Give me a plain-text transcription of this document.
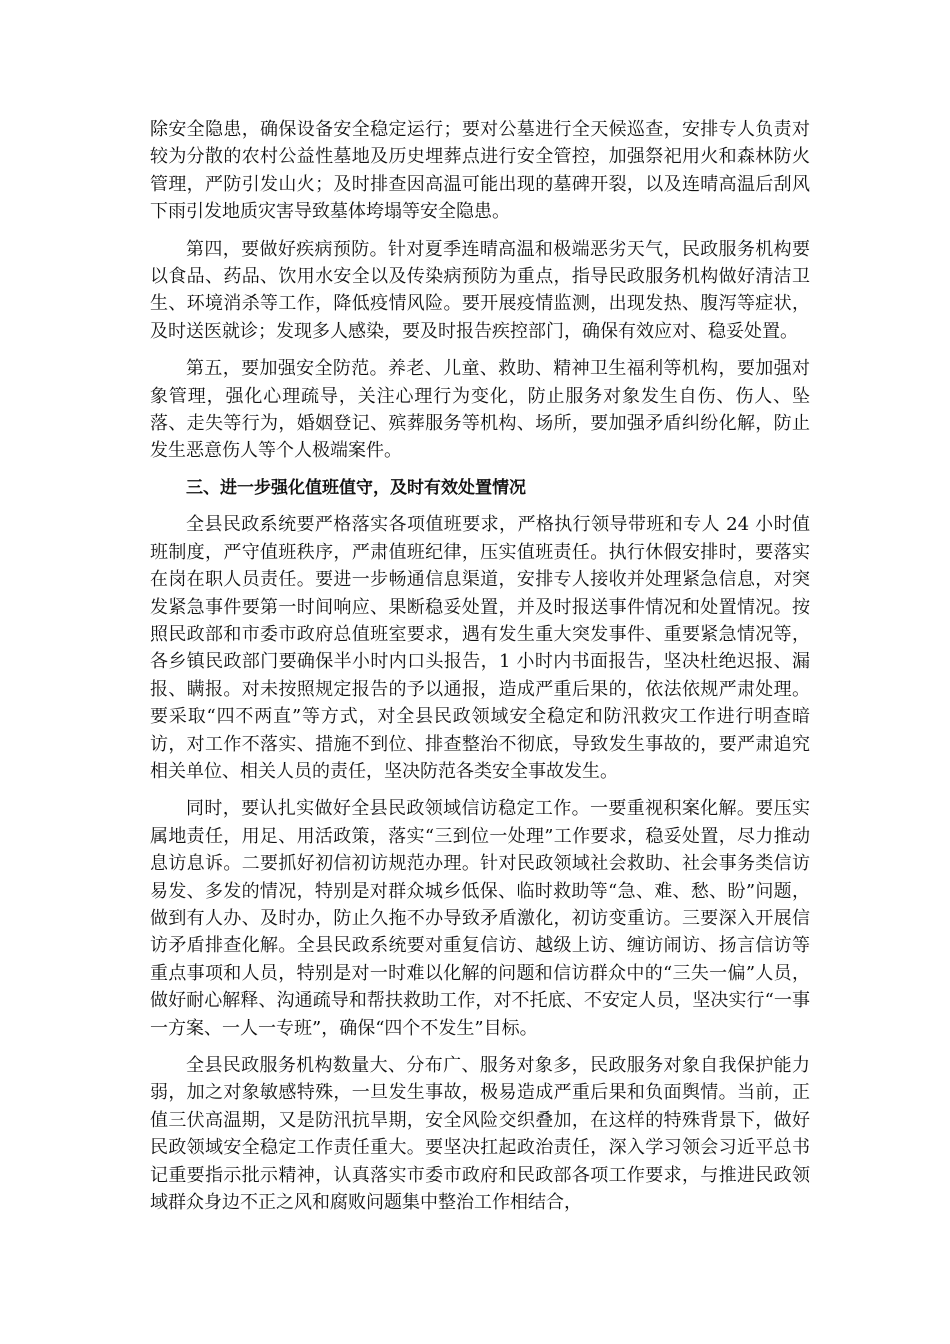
除安全隐患，确保设备安全稳定运行；要对公墓进行全天候巡查，安排专人负责对较为分散的农村公益性墓地及历史埋葬点进行安全管控，加强祭祀用火和森林防火管理，严防引发山火；及时排查因高温可能出现的墓碑开裂，以及连晴高温后刮风下雨引发地质灾害导致墓体垮塌等安全隐患。

第四，要做好疾病预防。针对夏季连晴高温和极端恶劣天气，民政服务机构要以食品、药品、饮用水安全以及传染病预防为重点，指导民政服务机构做好清洁卫生、环境消杀等工作，降低疫情风险。要开展疫情监测，出现发热、腹泻等症状，及时送医就诊；发现多人感染，要及时报告疾控部门，确保有效应对、稳妥处置。

第五，要加强安全防范。养老、儿童、救助、精神卫生福利等机构，要加强对象管理，强化心理疏导，关注心理行为变化，防止服务对象发生自伤、伤人、坠落、走失等行为，婚姻登记、殡葬服务等机构、场所，要加强矛盾纠纷化解，防止发生恶意伤人等个人极端案件。

三、进一步强化值班值守，及时有效处置情况

全县民政系统要严格落实各项值班要求，严格执行领导带班和专人 24 小时值班制度，严守值班秩序，严肃值班纪律，压实值班责任。执行休假安排时，要落实在岗在职人员责任。要进一步畅通信息渠道，安排专人接收并处理紧急信息，对突发紧急事件要第一时间响应、果断稳妥处置，并及时报送事件情况和处置情况。按照民政部和市委市政府总值班室要求，遇有发生重大突发事件、重要紧急情况等，各乡镇民政部门要确保半小时内口头报告，1 小时内书面报告，坚决杜绝迟报、漏报、瞒报。对未按照规定报告的予以通报，造成严重后果的，依法依规严肃处理。要采取“四不两直”等方式，对全县民政领域安全稳定和防汛救灾工作进行明查暗访，对工作不落实、措施不到位、排查整治不彻底，导致发生事故的，要严肃追究相关单位、相关人员的责任，坚决防范各类安全事故发生。

同时，要认扎实做好全县民政领域信访稳定工作。一要重视积案化解。要压实属地责任，用足、用活政策，落实“三到位一处理”工作要求，稳妥处置，尽力推动息访息诉。二要抓好初信初访规范办理。针对民政领域社会救助、社会事务类信访易发、多发的情况，特别是对群众城乡低保、临时救助等“急、难、愁、盼”问题，做到有人办、及时办，防止久拖不办导致矛盾激化，初访变重访。三要深入开展信访矛盾排查化解。全县民政系统要对重复信访、越级上访、缠访闹访、扬言信访等重点事项和人员，特别是对一时难以化解的问题和信访群众中的“三失一偏”人员，做好耐心解释、沟通疏导和帮扶救助工作，对不托底、不安定人员，坚决实行“一事一方案、一人一专班”，确保“四个不发生”目标。

全县民政服务机构数量大、分布广、服务对象多，民政服务对象自我保护能力弱，加之对象敏感特殊，一旦发生事故，极易造成严重后果和负面舆情。当前，正值三伏高温期，又是防汛抗旱期，安全风险交织叠加，在这样的特殊背景下，做好民政领域安全稳定工作责任重大。要坚决扛起政治责任，深入学习领会习近平总书记重要指示批示精神，认真落实市委市政府和民政部各项工作要求，与推进民政领域群众身边不正之风和腐败问题集中整治工作相结合，
